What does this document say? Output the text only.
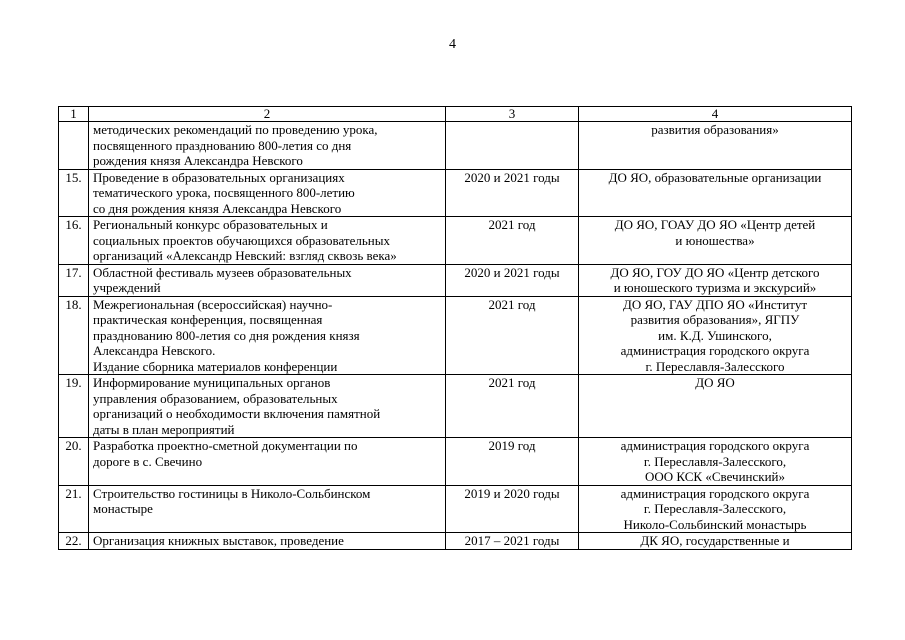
4
1	2	3	4

	методических рекомендаций по проведению урока,
посвященного празднованию 800-летия со дня
рождения князя Александра Невского		развития образования»

15.	Проведение в образовательных организациях
тематического урока, посвященного 800-летию
со дня рождения князя Александра Невского	2020 и 2021 годы	ДО ЯО, образовательные организации

16.	Региональный конкурс образовательных и
социальных проектов обучающихся образовательных
организаций «Александр Невский: взгляд сквозь века»	2021 год	ДО ЯО, ГОАУ ДО ЯО «Центр детей
и юношества»

17.	Областной фестиваль музеев образовательных
учреждений	2020 и 2021 годы	ДО ЯО, ГОУ ДО ЯО «Центр детского
и юношеского туризма и экскурсий»

18.	Межрегиональная (всероссийская) научно-
практическая конференция, посвященная
празднованию 800-летия со дня рождения князя
Александра Невского.
Издание сборника материалов конференции	2021 год	ДО ЯО, ГАУ ДПО ЯО «Институт
развития образования», ЯГПУ
им. К.Д. Ушинского,
администрация городского округа
г. Переславля-Залесского

19.	Информирование муниципальных органов
управления образованием, образовательных
организаций о необходимости включения памятной
даты в план мероприятий	2021 год	ДО ЯО

20.	Разработка проектно-сметной документации по
дороге в с. Свечино	2019 год	администрация городского округа
г. Переславля-Залесского,
ООО КСК «Свечинский»

21.	Строительство гостиницы в Николо-Сольбинском
монастыре	2019 и 2020 годы	администрация городского округа
г. Переславля-Залесского,
Николо-Сольбинский монастырь

22.	Организация книжных выставок, проведение	2017 – 2021 годы	ДК ЯО, государственные и
